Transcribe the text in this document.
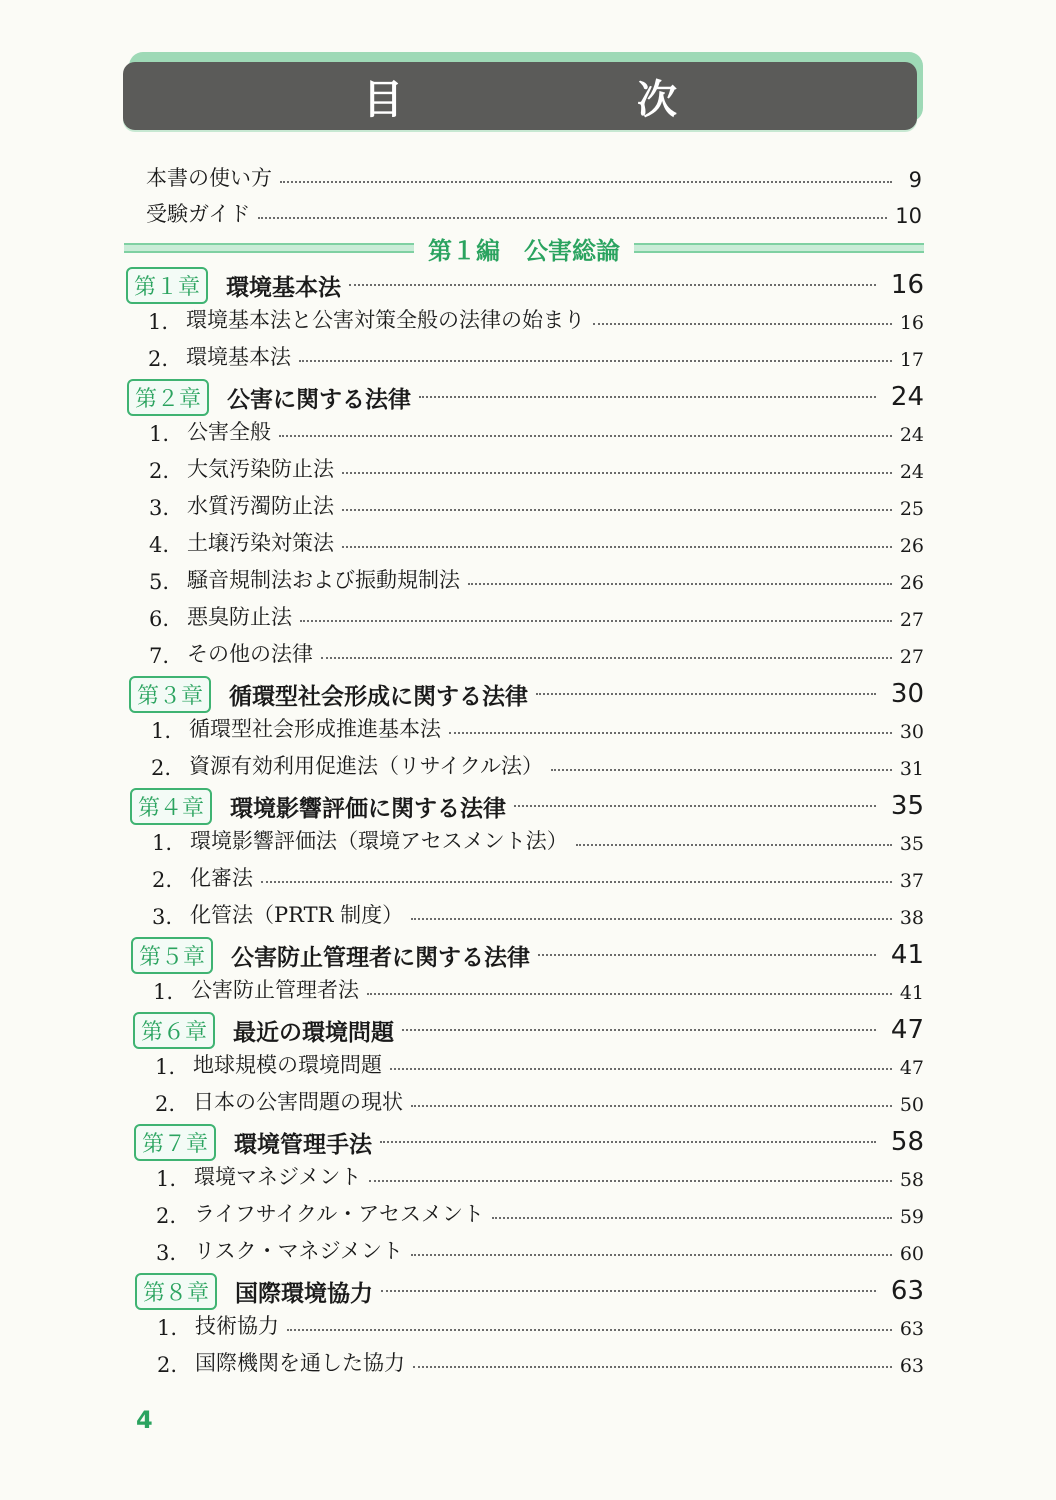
目 次
本書の使い方	9
受験ガイド	10
第１編　公害総論
第１章	環境基本法	16
1. 環境基本法と公害対策全般の法律の始まり	16
2. 環境基本法	17
第２章	公害に関する法律	24
1. 公害全般	24
2. 大気汚染防止法	24
3. 水質汚濁防止法	25
4. 土壌汚染対策法	26
5. 騒音規制法および振動規制法	26
6. 悪臭防止法	27
7. その他の法律	27
第３章	循環型社会形成に関する法律	30
1. 循環型社会形成推進基本法	30
2. 資源有効利用促進法（リサイクル法）	31
第４章	環境影響評価に関する法律	35
1. 環境影響評価法（環境アセスメント法）	35
2. 化審法	37
3. 化管法（PRTR 制度）	38
第５章	公害防止管理者に関する法律	41
1. 公害防止管理者法	41
第６章	最近の環境問題	47
1. 地球規模の環境問題	47
2. 日本の公害問題の現状	50
第７章	環境管理手法	58
1. 環境マネジメント	58
2. ライフサイクル・アセスメント	59
3. リスク・マネジメント	60
第８章	国際環境協力	63
1. 技術協力	63
2. 国際機関を通した協力	63
4
